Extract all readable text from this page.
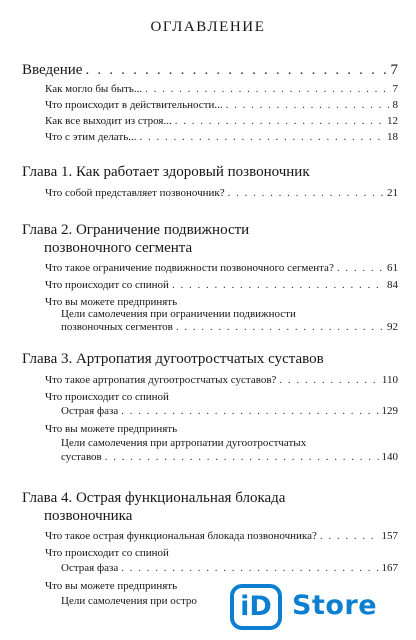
ОГЛАВЛЕНИЕ
Введение . . .	7
Как могло бы быть... . . .	7
Что происходит в действительности... . . .	8
Как все выходит из строя... . . .	12
Что с этим делать... . . .	18
Глава 1. Как работает здоровый позвоночник
Что собой представляет позвоночник? . . .	21
Глава 2. Ограничение подвижности
позвоночного сегмента
Что такое ограничение подвижности позвоночного сегмента? . . .	61
Что происходит со спиной . . .	84
Что вы можете предпринять
Цели самолечения при ограничении подвижности
позвоночных сегментов . . .	92
Глава 3. Артропатия дугоотростчатых суставов
Что такое артропатия дугоотростчатых суставов? . . .	110
Что происходит со спиной
Острая фаза . . .	129
Что вы можете предпринять
Цели самолечения при артропатии дугоотростчатых
суставов . . .	140
Глава 4. Острая функциональная блокада
позвоночника
Что такое острая функциональная блокада позвоночника? . . .	157
Что происходит со спиной
Острая фаза . . .	167
Что вы можете предпринять
Цели самолечения при остро	iD Store
